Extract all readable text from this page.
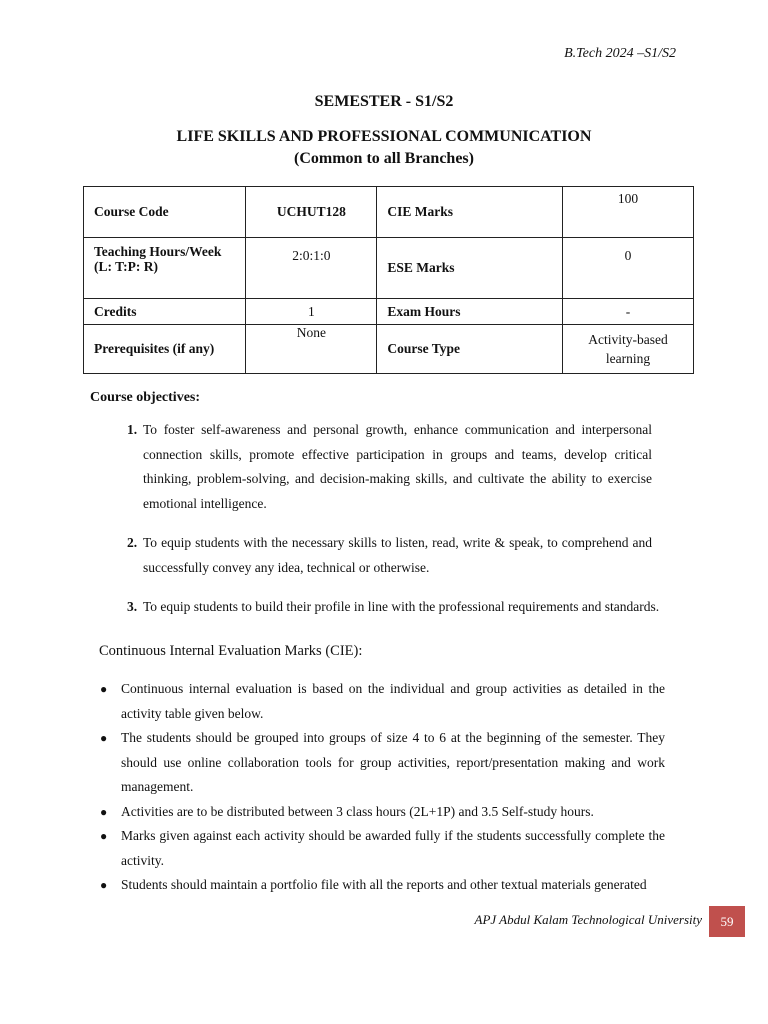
B.Tech 2024 –S1/S2
SEMESTER - S1/S2
LIFE SKILLS AND PROFESSIONAL COMMUNICATION
(Common to all Branches)
Course Code	UCHUT128	CIE Marks	100
Teaching Hours/Week (L: T:P: R)	2:0:1:0	ESE Marks	0
Credits	1	Exam Hours	-
Prerequisites (if any)	None	Course Type	Activity-based learning
Course objectives:
1. To foster self-awareness and personal growth, enhance communication and interpersonal connection skills, promote effective participation in groups and teams, develop critical thinking, problem-solving, and decision-making skills, and cultivate the ability to exercise emotional intelligence.
2. To equip students with the necessary skills to listen, read, write & speak, to comprehend and successfully convey any idea, technical or otherwise.
3. To equip students to build their profile in line with the professional requirements and standards.
Continuous Internal Evaluation Marks (CIE):
● Continuous internal evaluation is based on the individual and group activities as detailed in the activity table given below.
● The students should be grouped into groups of size 4 to 6 at the beginning of the semester. They should use online collaboration tools for group activities, report/presentation making and work management.
● Activities are to be distributed between 3 class hours (2L+1P) and 3.5 Self-study hours.
● Marks given against each activity should be awarded fully if the students successfully complete the activity.
● Students should maintain a portfolio file with all the reports and other textual materials generated
APJ Abdul Kalam Technological University	59
